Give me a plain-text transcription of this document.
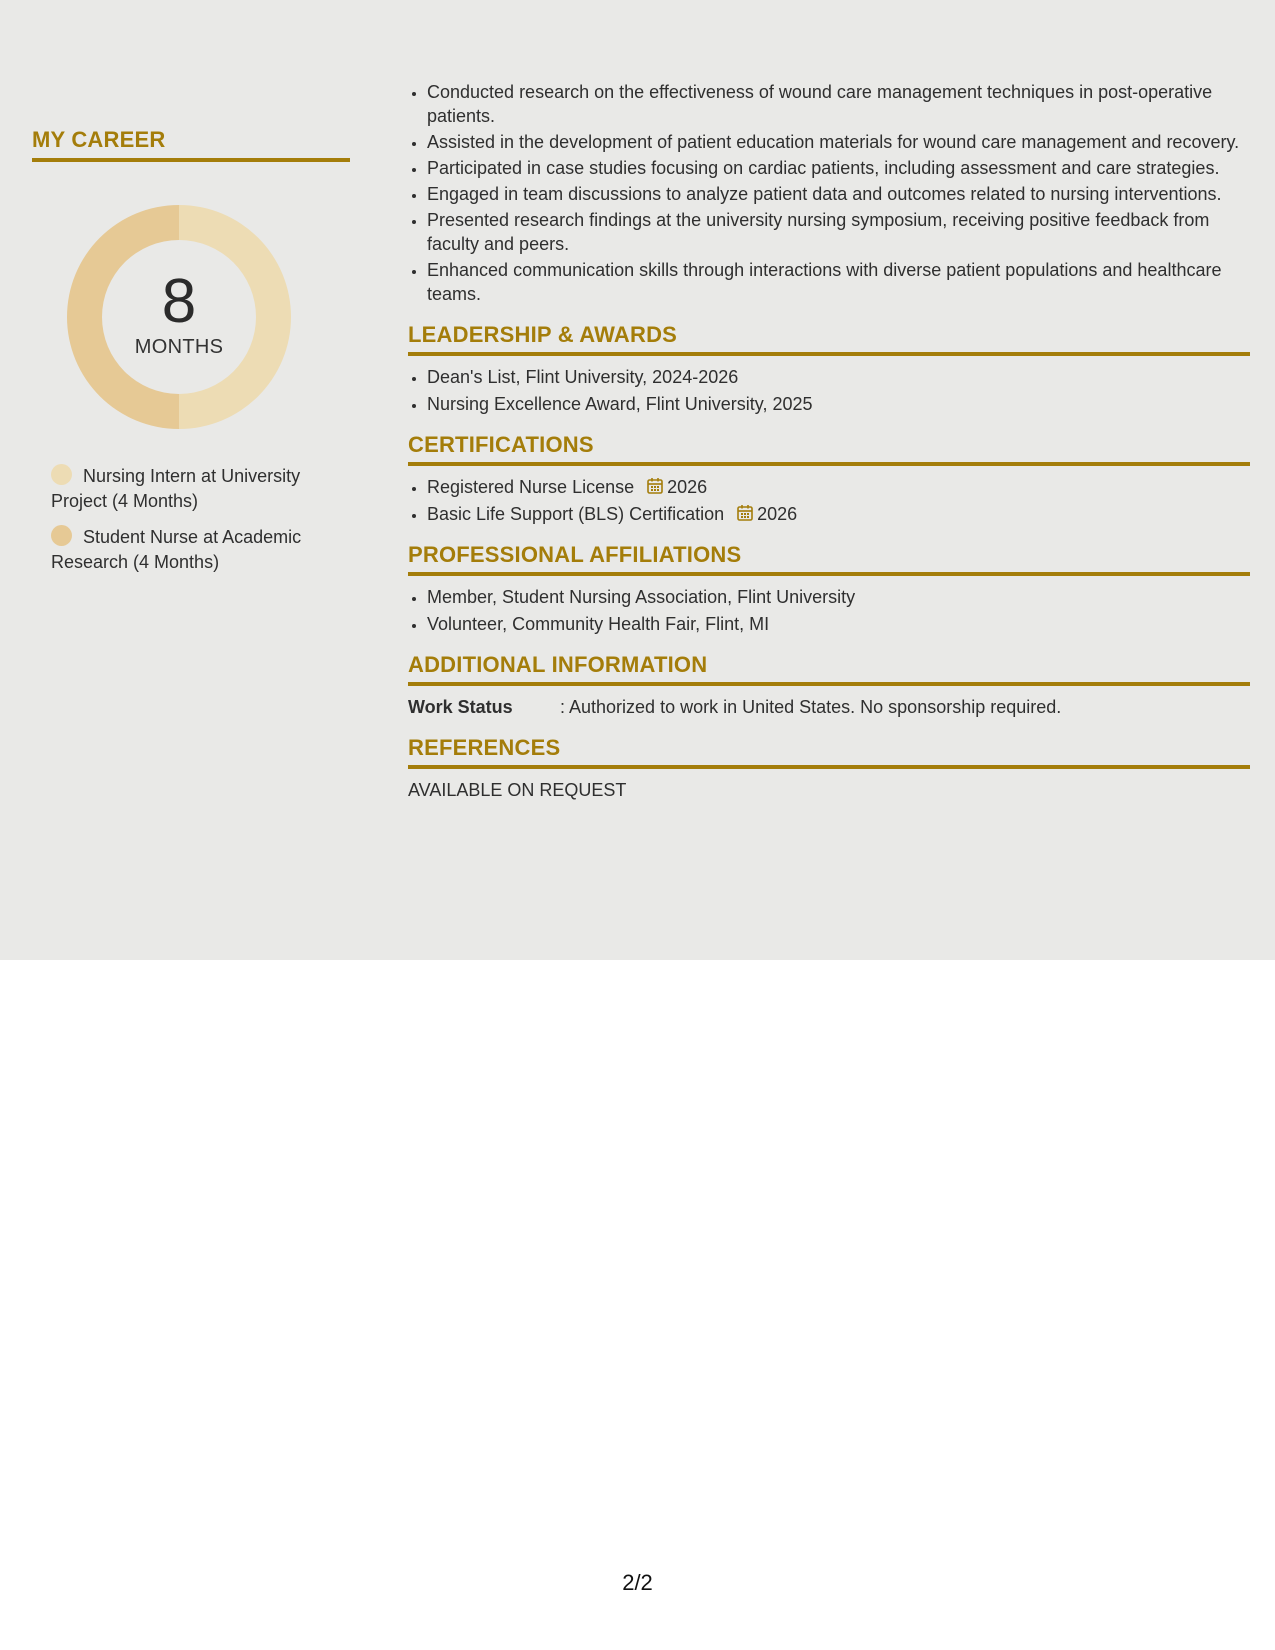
MY CAREER
8
MONTHS
Nursing Intern at University Project (4 Months)
Student Nurse at Academic Research (4 Months)
• Conducted research on the effectiveness of wound care management techniques in post-operative patients.
• Assisted in the development of patient education materials for wound care management and recovery.
• Participated in case studies focusing on cardiac patients, including assessment and care strategies.
• Engaged in team discussions to analyze patient data and outcomes related to nursing interventions.
• Presented research findings at the university nursing symposium, receiving positive feedback from faculty and peers.
• Enhanced communication skills through interactions with diverse patient populations and healthcare teams.
LEADERSHIP & AWARDS
• Dean's List, Flint University, 2024-2026
• Nursing Excellence Award, Flint University, 2025
CERTIFICATIONS
• Registered Nurse License 2026
• Basic Life Support (BLS) Certification 2026
PROFESSIONAL AFFILIATIONS
• Member, Student Nursing Association, Flint University
• Volunteer, Community Health Fair, Flint, MI
ADDITIONAL INFORMATION
Work Status	: Authorized to work in United States. No sponsorship required.
REFERENCES
AVAILABLE ON REQUEST
2/2
